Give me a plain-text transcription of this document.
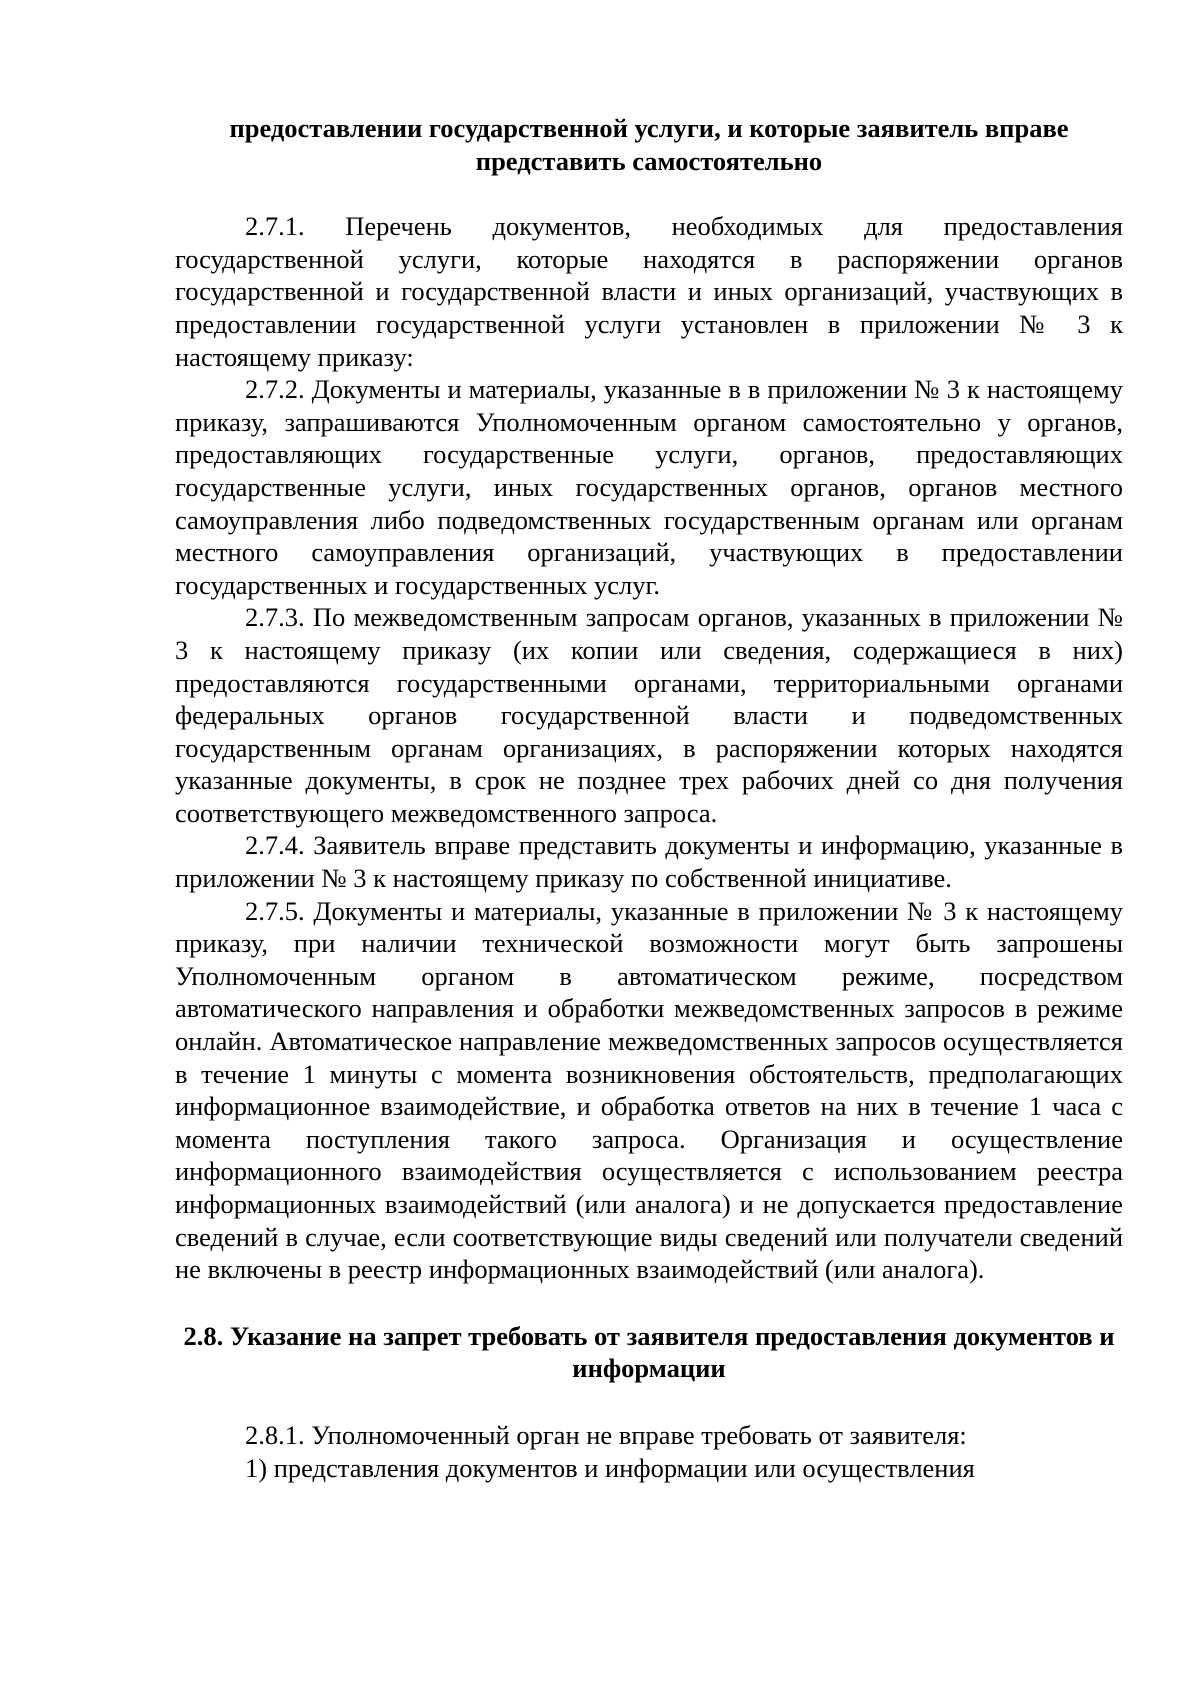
предоставлении государственной услуги, и которые заявитель вправе представить самостоятельно

2.7.1. Перечень документов, необходимых для предоставления государственной услуги, которые находятся в распоряжении органов государственной и государственной власти и иных организаций, участвующих в предоставлении государственной услуги установлен в приложении № 3 к настоящему приказу:

2.7.2. Документы и материалы, указанные в в приложении № 3 к настоящему приказу, запрашиваются Уполномоченным органом самостоятельно у органов, предоставляющих государственные услуги, органов, предоставляющих государственные услуги, иных государственных органов, органов местного самоуправления либо подведомственных государственным органам или органам местного самоуправления организаций, участвующих в предоставлении государственных и государственных услуг.

2.7.3. По межведомственным запросам органов, указанных в приложении № 3 к настоящему приказу (их копии или сведения, содержащиеся в них) предоставляются государственными органами, территориальными органами федеральных органов государственной власти и подведомственных государственным органам организациях, в распоряжении которых находятся указанные документы, в срок не позднее трех рабочих дней со дня получения соответствующего межведомственного запроса.

2.7.4. Заявитель вправе представить документы и информацию, указанные в приложении № 3 к настоящему приказу по собственной инициативе.

2.7.5. Документы и материалы, указанные в приложении № 3 к настоящему приказу, при наличии технической возможности могут быть запрошены Уполномоченным органом в автоматическом режиме, посредством автоматического направления и обработки межведомственных запросов в режиме онлайн. Автоматическое направление межведомственных запросов осуществляется в течение 1 минуты с момента возникновения обстоятельств, предполагающих информационное взаимодействие, и обработка ответов на них в течение 1 часа с момента поступления такого запроса. Организация и осуществление информационного взаимодействия осуществляется с использованием реестра информационных взаимодействий (или аналога) и не допускается предоставление сведений в случае, если соответствующие виды сведений или получатели сведений не включены в реестр информационных взаимодействий (или аналога).

2.8. Указание на запрет требовать от заявителя предоставления документов и информации

2.8.1. Уполномоченный орган не вправе требовать от заявителя:

1) представления документов и информации или осуществления
